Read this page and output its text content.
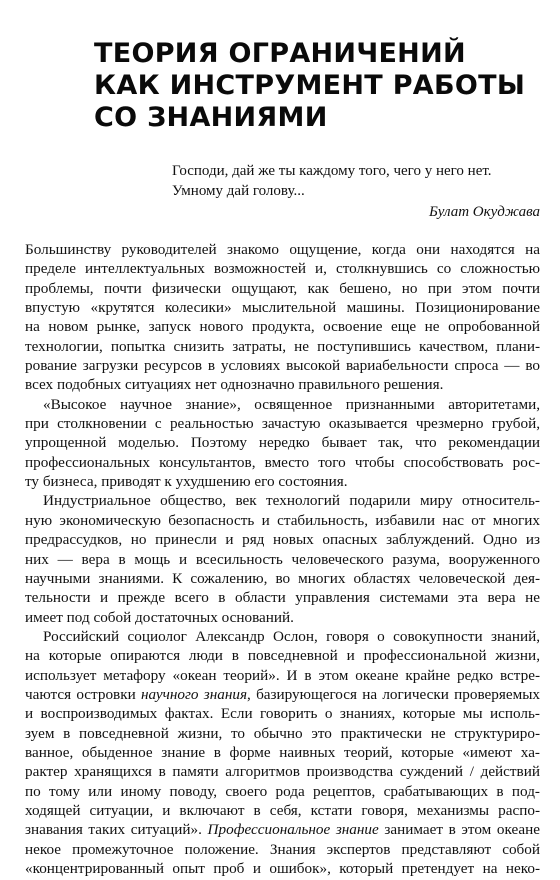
ТЕОРИЯ ОГРАНИЧЕНИЙ
КАК ИНСТРУМЕНТ РАБОТЫ
СО ЗНАНИЯМИ
Господи, дай же ты каждому того, чего у него нет.
Умному дай голову...
Булат Окуджава
Большинству руководителей знакомо ощущение, когда они находятся на
пределе интеллектуальных возможностей и, столкнувшись со сложностью
проблемы, почти физически ощущают, как бешено, но при этом почти
впустую «крутятся колесики» мыслительной машины. Позиционирование
на новом рынке, запуск нового продукта, освоение еще не опробованной
технологии, попытка снизить затраты, не поступившись качеством, плани-
рование загрузки ресурсов в условиях высокой вариабельности спроса — во
всех подобных ситуациях нет однозначно правильного решения.
«Высокое научное знание», освященное признанными авторитетами,
при столкновении с реальностью зачастую оказывается чрезмерно грубой,
упрощенной моделью. Поэтому нередко бывает так, что рекомендации
профессиональных консультантов, вместо того чтобы способствовать рос-
ту бизнеса, приводят к ухудшению его состояния.
Индустриальное общество, век технологий подарили миру относитель-
ную экономическую безопасность и стабильность, избавили нас от многих
предрассудков, но принесли и ряд новых опасных заблуждений. Одно из
них — вера в мощь и всесильность человеческого разума, вооруженного
научными знаниями. К сожалению, во многих областях человеческой дея-
тельности и прежде всего в области управления системами эта вера не
имеет под собой достаточных оснований.
Российский социолог Александр Ослон, говоря о совокупности знаний,
на которые опираются люди в повседневной и профессиональной жизни,
использует метафору «океан теорий». И в этом океане крайне редко встре-
чаются островки научного знания, базирующегося на логически проверяемых
и воспроизводимых фактах. Если говорить о знаниях, которые мы исполь-
зуем в повседневной жизни, то обычно это практически не структуриро-
ванное, обыденное знание в форме наивных теорий, которые «имеют ха-
рактер хранящихся в памяти алгоритмов производства суждений / действий
по тому или иному поводу, своего рода рецептов, срабатывающих в под-
ходящей ситуации, и включают в себя, кстати говоря, механизмы распо-
знавания таких ситуаций». Профессиональное знание занимает в этом океане
некое промежуточное положение. Знания экспертов представляют собой
«концентрированный опыт проб и ошибок», который претендует на неко-
